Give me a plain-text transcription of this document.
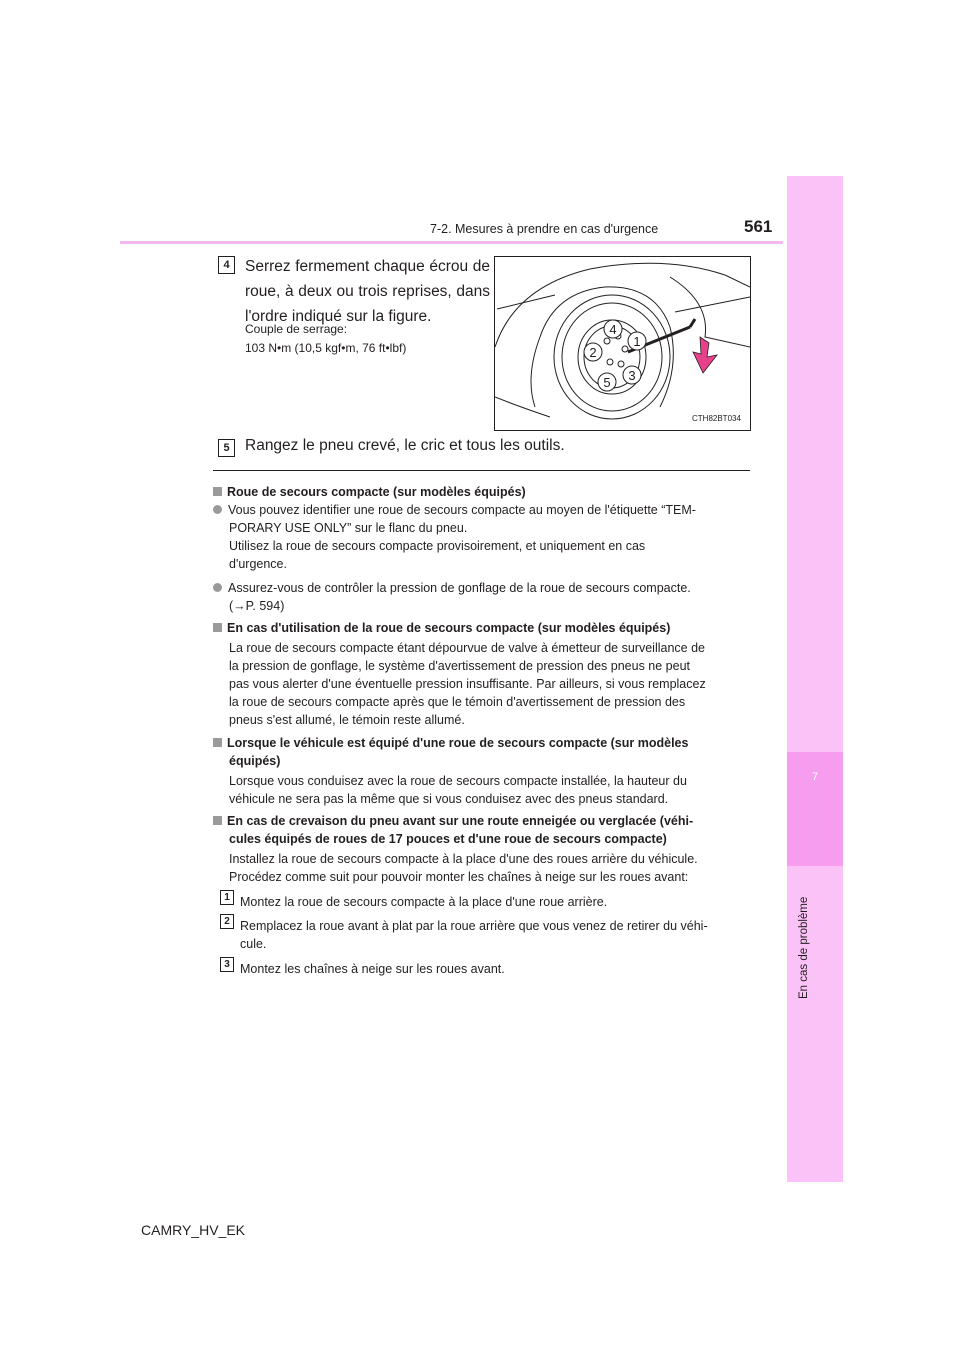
7-2. Mesures à prendre en cas d'urgence	561
7
En cas de problème
4 Serrez fermement chaque écrou de roue, à deux ou trois reprises, dans l'ordre indiqué sur la figure.
Couple de serrage:
103 N•m (10,5 kgf•m, 76 ft•lbf)
4
1
2
3
5
CTH82BT034
5 Rangez le pneu crevé, le cric et tous les outils.
Roue de secours compacte (sur modèles équipés)
Vous pouvez identifier une roue de secours compacte au moyen de l'étiquette “TEM-
PORARY USE ONLY” sur le flanc du pneu.
Utilisez la roue de secours compacte provisoirement, et uniquement en cas
d'urgence.
Assurez-vous de contrôler la pression de gonflage de la roue de secours compacte.
(→P. 594)
En cas d'utilisation de la roue de secours compacte (sur modèles équipés)
La roue de secours compacte étant dépourvue de valve à émetteur de surveillance de
la pression de gonflage, le système d'avertissement de pression des pneus ne peut
pas vous alerter d'une éventuelle pression insuffisante. Par ailleurs, si vous remplacez
la roue de secours compacte après que le témoin d'avertissement de pression des
pneus s'est allumé, le témoin reste allumé.
Lorsque le véhicule est équipé d'une roue de secours compacte (sur modèles
équipés)
Lorsque vous conduisez avec la roue de secours compacte installée, la hauteur du
véhicule ne sera pas la même que si vous conduisez avec des pneus standard.
En cas de crevaison du pneu avant sur une route enneigée ou verglacée (véhi-
cules équipés de roues de 17 pouces et d'une roue de secours compacte)
Installez la roue de secours compacte à la place d'une des roues arrière du véhicule.
Procédez comme suit pour pouvoir monter les chaînes à neige sur les roues avant:
1 Montez la roue de secours compacte à la place d'une roue arrière.
2 Remplacez la roue avant à plat par la roue arrière que vous venez de retirer du véhi-
cule.
3 Montez les chaînes à neige sur les roues avant.
CAMRY_HV_EK
